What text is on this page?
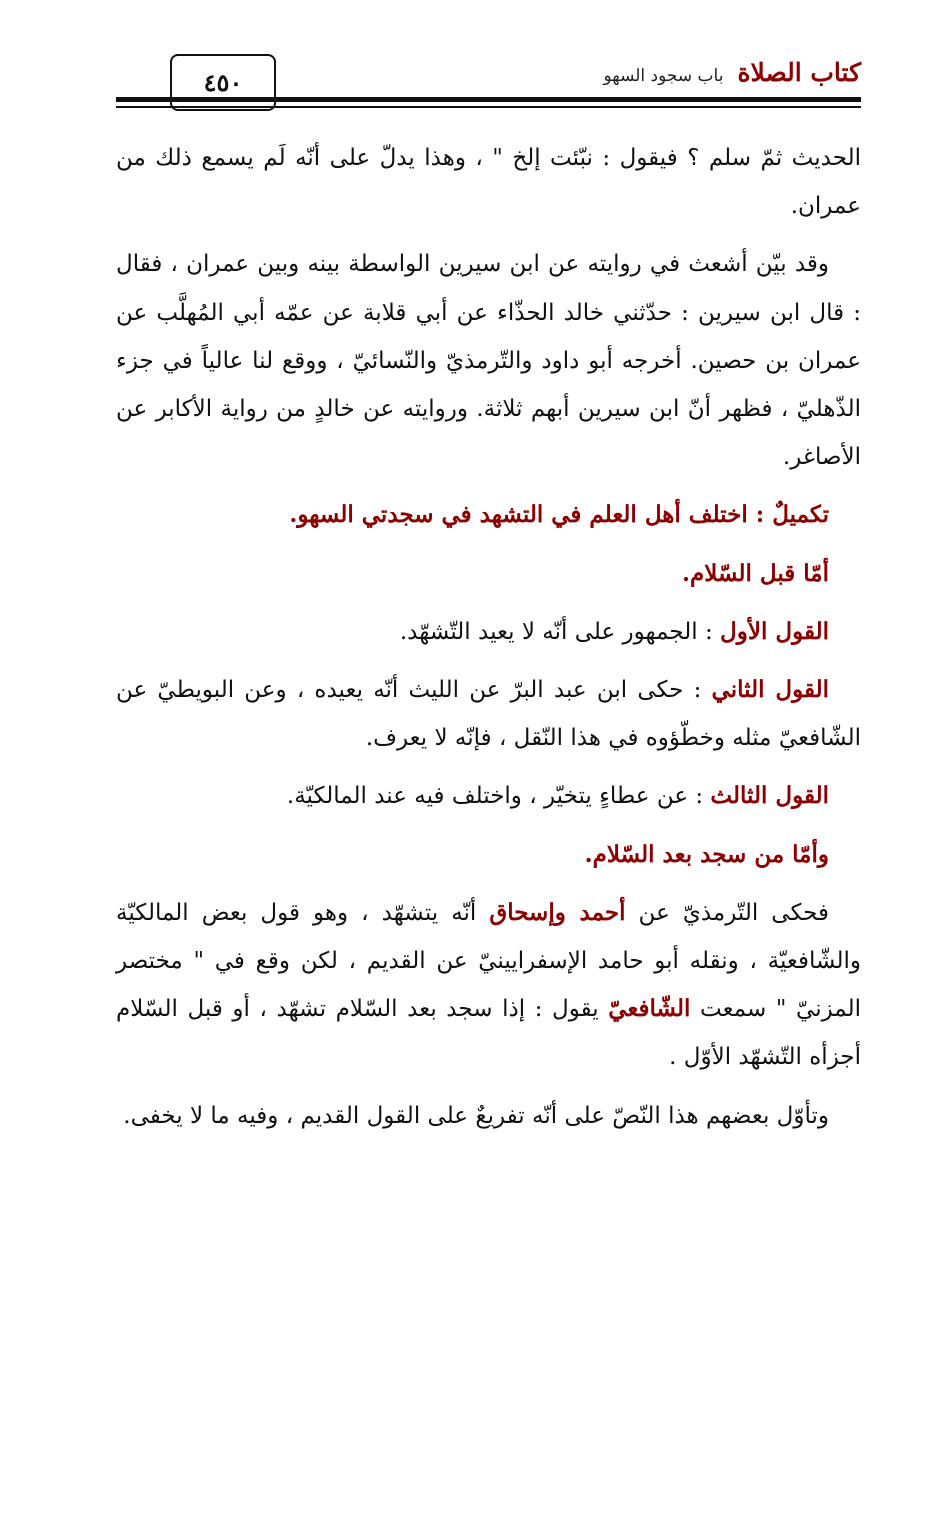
٤٥٠	كتاب الصلاة
باب سجود السهو

الحديث ثمّ سلم ؟ فيقول : نبّئت إلخ " ، وهذا يدلّ على أنّه لَم يسمع ذلك من عمران.

وقد بيّن أشعث في روايته عن ابن سيرين الواسطة بينه وبين عمران ، فقال : قال ابن سيرين : حدّثني خالد الحذّاء عن أبي قلابة عن عمّه أبي المُهلَّب عن عمران بن حصين. أخرجه أبو داود والتّرمذيّ والنّسائيّ ، ووقع لنا عالياً في جزء الذّهليّ ، فظهر أنّ ابن سيرين أبهم ثلاثة. وروايته عن خالدٍ من رواية الأكابر عن الأصاغر.

تكميلٌ : اختلف أهل العلم في التشهد في سجدتي السهو.

أمّا قبل السّلام.

القول الأول : الجمهور على أنّه لا يعيد التّشهّد.

القول الثاني : حكى ابن عبد البرّ عن الليث أنّه يعيده ، وعن البويطيّ عن الشّافعيّ مثله وخطّؤوه في هذا النّقل ، فإنّه لا يعرف.

القول الثالث : عن عطاءٍ يتخيّر ، واختلف فيه عند المالكيّة.

وأمّا من سجد بعد السّلام.

فحكى التّرمذيّ عن أحمد وإسحاق أنّه يتشهّد ، وهو قول بعض المالكيّة والشّافعيّة ، ونقله أبو حامد الإسفرايينيّ عن القديم ، لكن وقع في " مختصر المزنيّ " سمعت الشّافعيّ يقول : إذا سجد بعد السّلام تشهّد ، أو قبل السّلام أجزأه التّشهّد الأوّل .

وتأوّل بعضهم هذا النّصّ على أنّه تفريعٌ على القول القديم ، وفيه ما لا يخفى.
